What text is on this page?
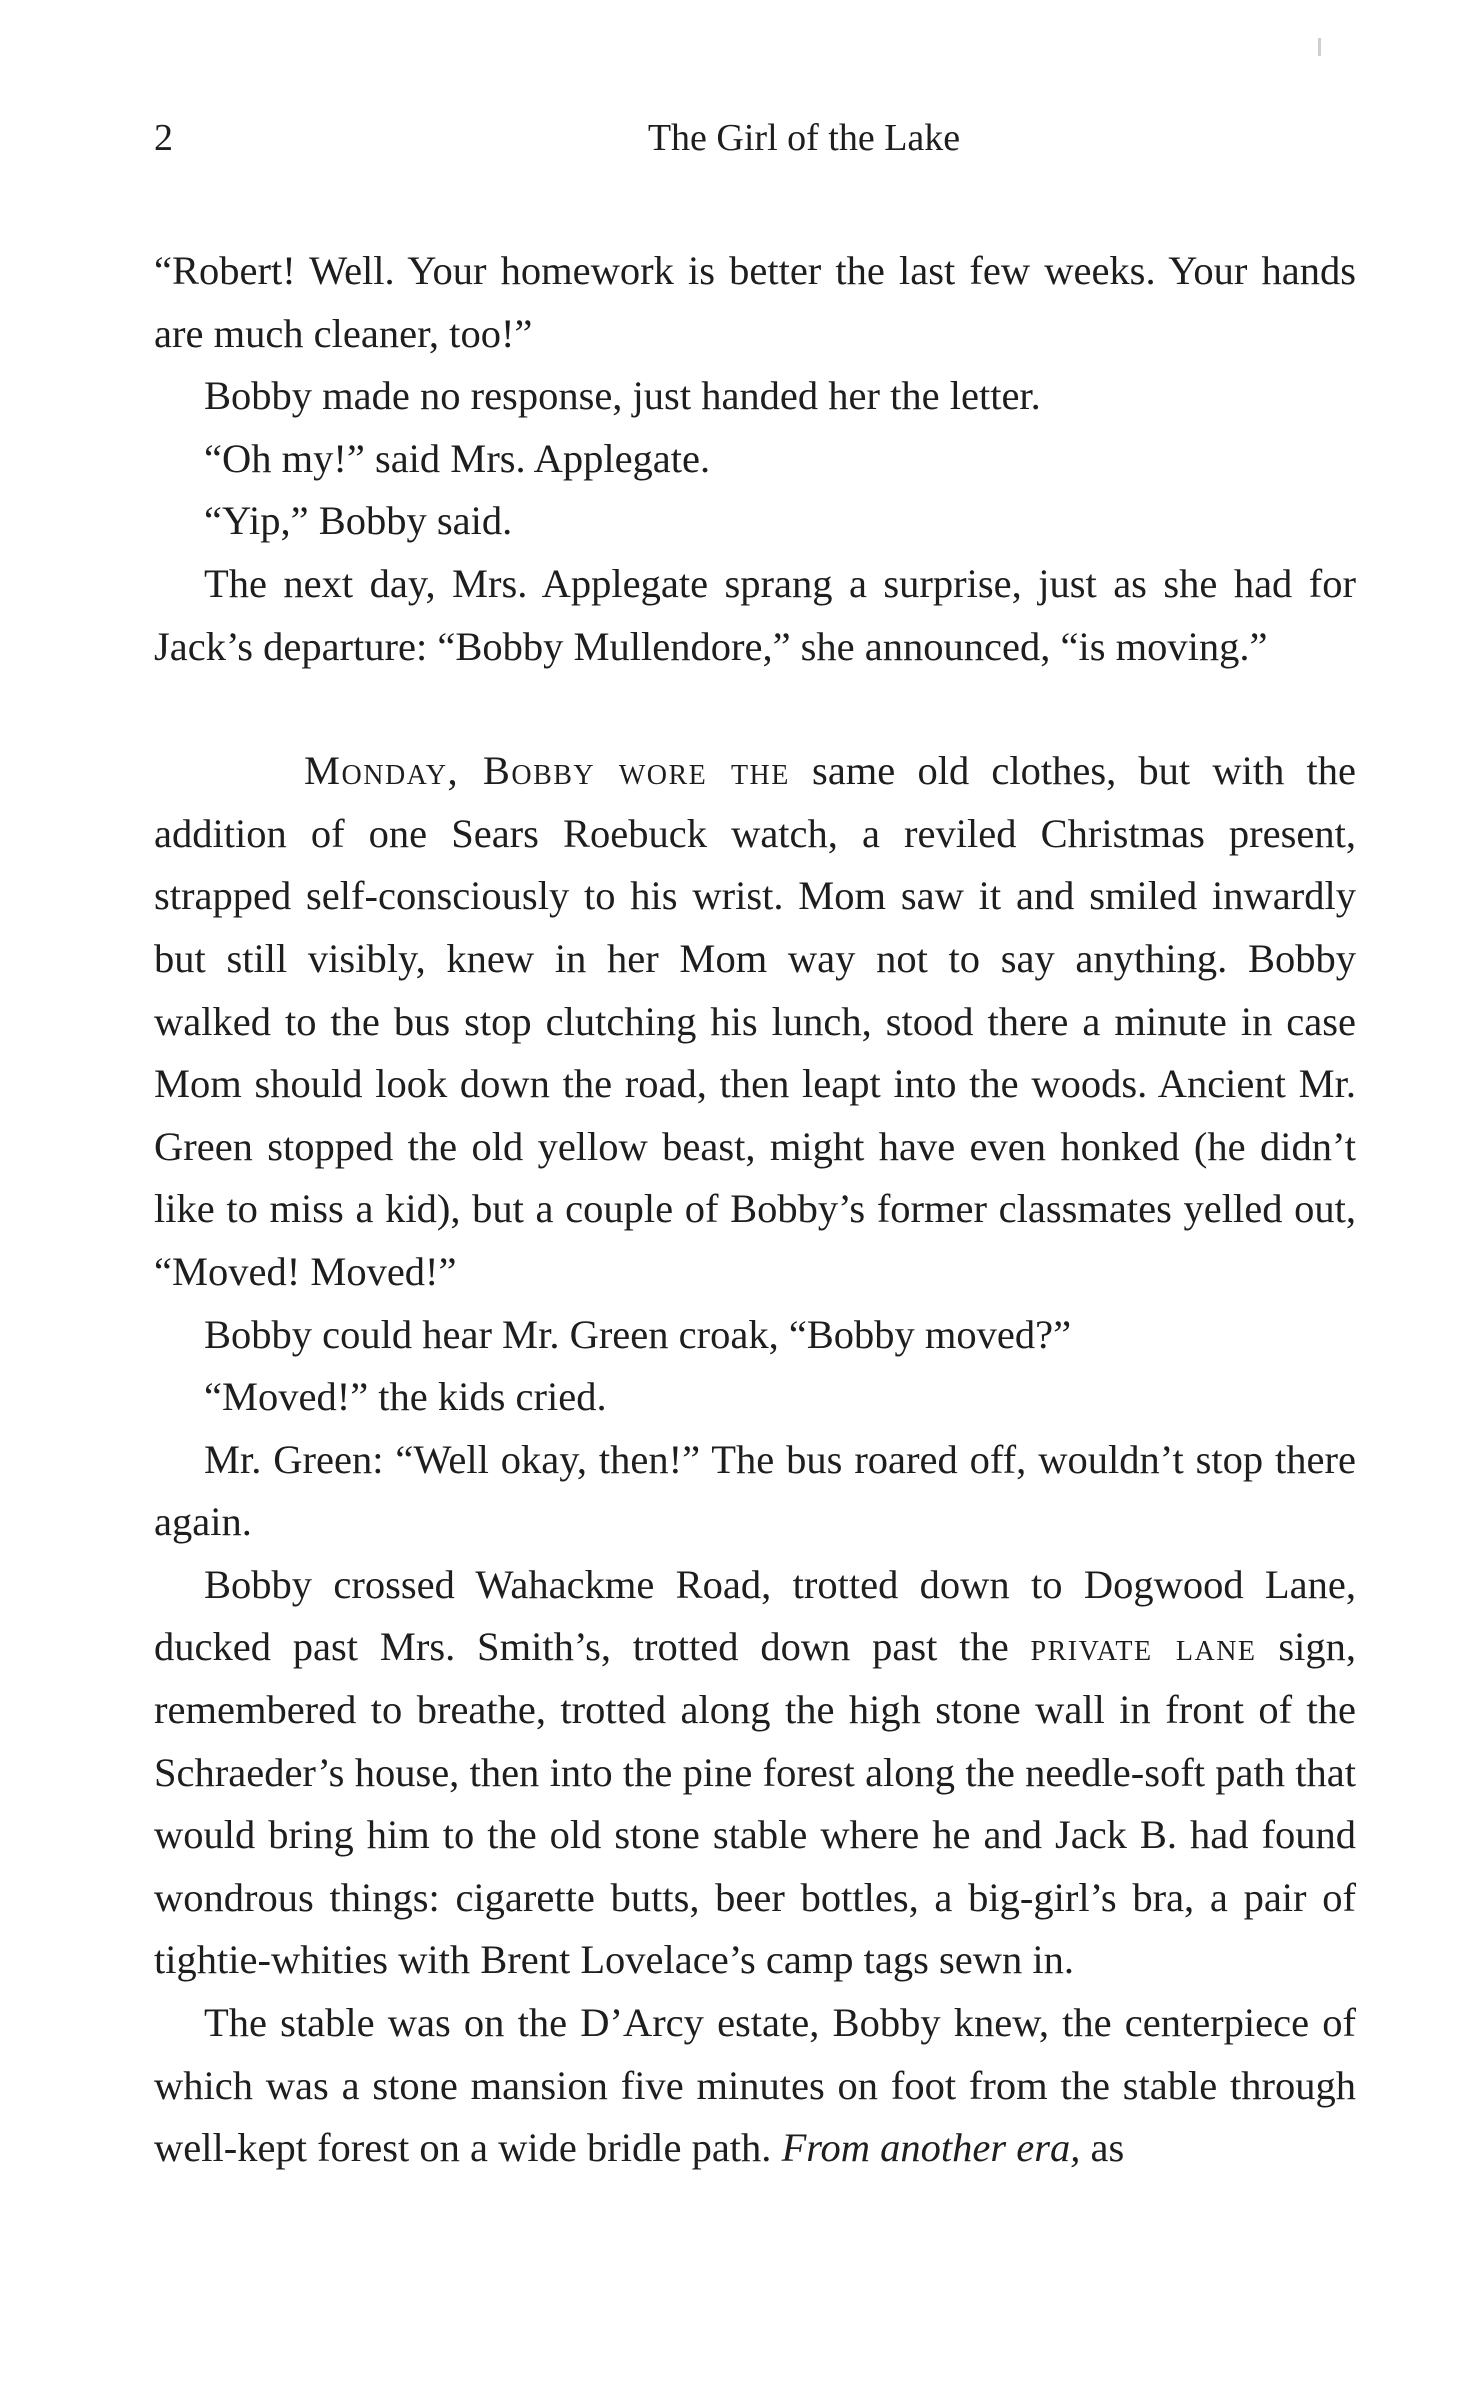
2	The Girl of the Lake

“Robert! Well. Your homework is better the last few weeks. Your hands are much cleaner, too!”

Bobby made no response, just handed her the letter.

“Oh my!” said Mrs. Applegate.

“Yip,” Bobby said.

The next day, Mrs. Applegate sprang a surprise, just as she had for Jack’s departure: “Bobby Mullendore,” she announced, “is moving.”

Monday, Bobby wore the same old clothes, but with the addition of one Sears Roebuck watch, a reviled Christmas present, strapped self-consciously to his wrist. Mom saw it and smiled inwardly but still visibly, knew in her Mom way not to say anything. Bobby walked to the bus stop clutching his lunch, stood there a minute in case Mom should look down the road, then leapt into the woods. Ancient Mr. Green stopped the old yellow beast, might have even honked (he didn’t like to miss a kid), but a couple of Bobby’s former classmates yelled out, “Moved! Moved!”

Bobby could hear Mr. Green croak, “Bobby moved?”

“Moved!” the kids cried.

Mr. Green: “Well okay, then!” The bus roared off, wouldn’t stop there again.

Bobby crossed Wahackme Road, trotted down to Dogwood Lane, ducked past Mrs. Smith’s, trotted down past the private lane sign, remembered to breathe, trotted along the high stone wall in front of the Schraeder’s house, then into the pine forest along the needle-soft path that would bring him to the old stone stable where he and Jack B. had found wondrous things: cigarette butts, beer bottles, a big-girl’s bra, a pair of tightie-whities with Brent Lovelace’s camp tags sewn in.

The stable was on the D’Arcy estate, Bobby knew, the centerpiece of which was a stone mansion five minutes on foot from the stable through well-kept forest on a wide bridle path. From another era, as
